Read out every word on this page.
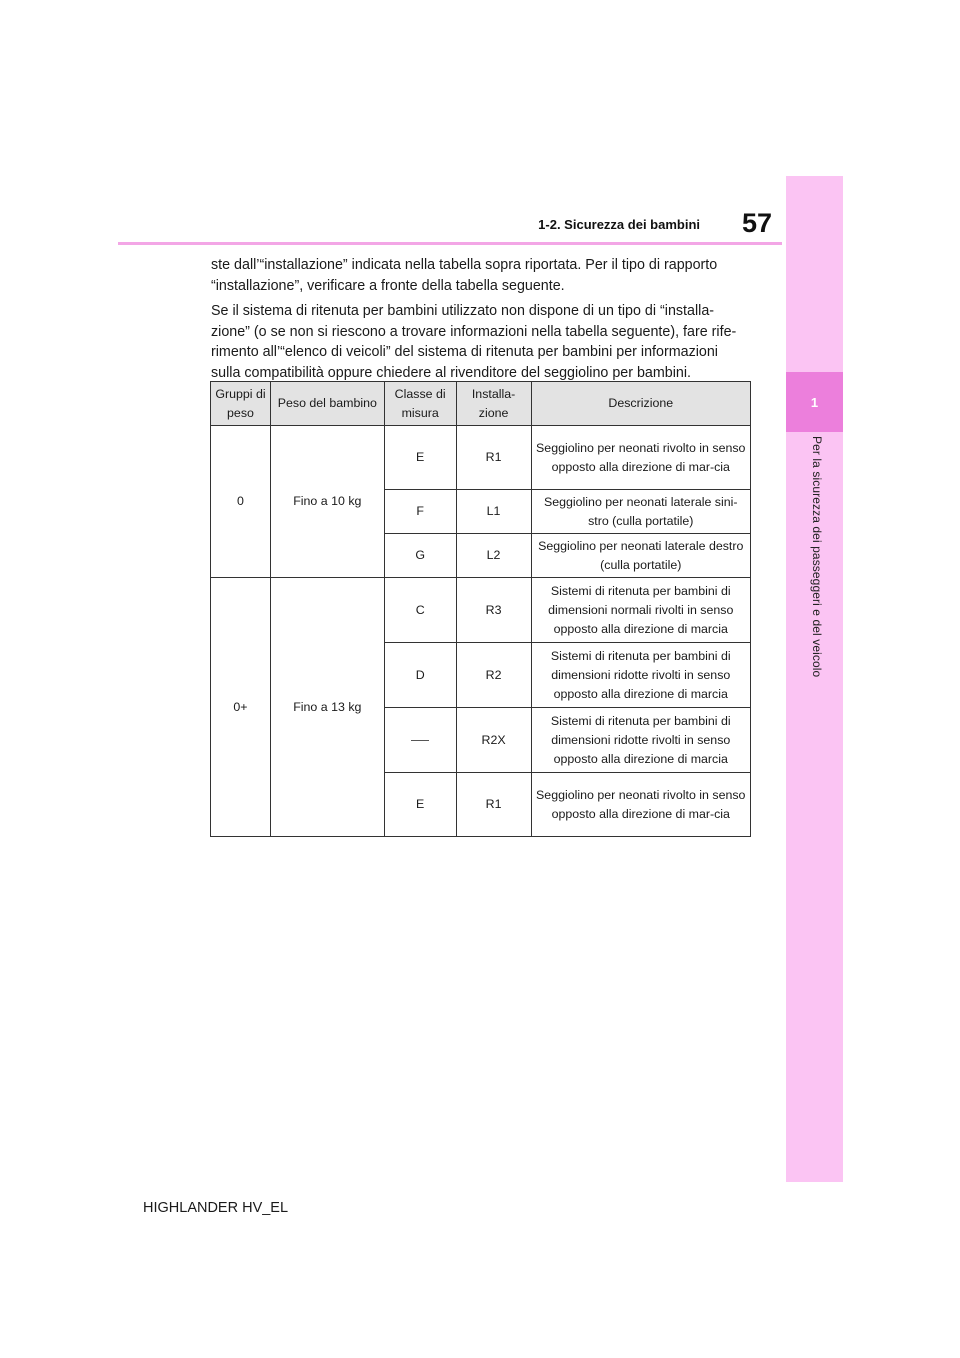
1
Per la sicurezza dei passeggeri e del veicolo
57
1-2. Sicurezza dei bambini

ste dall’“installazione” indicata nella tabella sopra riportata. Per il tipo di rapporto “installazione”, verificare a fronte della tabella seguente.

Se il sistema di ritenuta per bambini utilizzato non dispone di un tipo di “installa-zione” (o se non si riescono a trovare informazioni nella tabella seguente), fare rife-rimento all’“elenco di veicoli” del sistema di ritenuta per bambini per informazioni sulla compatibilità oppure chiedere al rivenditore del seggiolino per bambini.

Gruppi di peso	Peso del bambino	Classe di misura	Installa-zione	Descrizione
0	Fino a 10 kg	E	R1	Seggiolino per neonati rivolto in senso opposto alla direzione di mar-cia
		F	L1	Seggiolino per neonati laterale sini-stro (culla portatile)
		G	L2	Seggiolino per neonati laterale destro (culla portatile)
0+	Fino a 13 kg	C	R3	Sistemi di ritenuta per bambini di dimensioni normali rivolti in senso opposto alla direzione di marcia
		D	R2	Sistemi di ritenuta per bambini di dimensioni ridotte rivolti in senso opposto alla direzione di marcia
			R2X	Sistemi di ritenuta per bambini di dimensioni ridotte rivolti in senso opposto alla direzione di marcia
		E	R1	Seggiolino per neonati rivolto in senso opposto alla direzione di mar-cia
HIGHLANDER HV_EL
